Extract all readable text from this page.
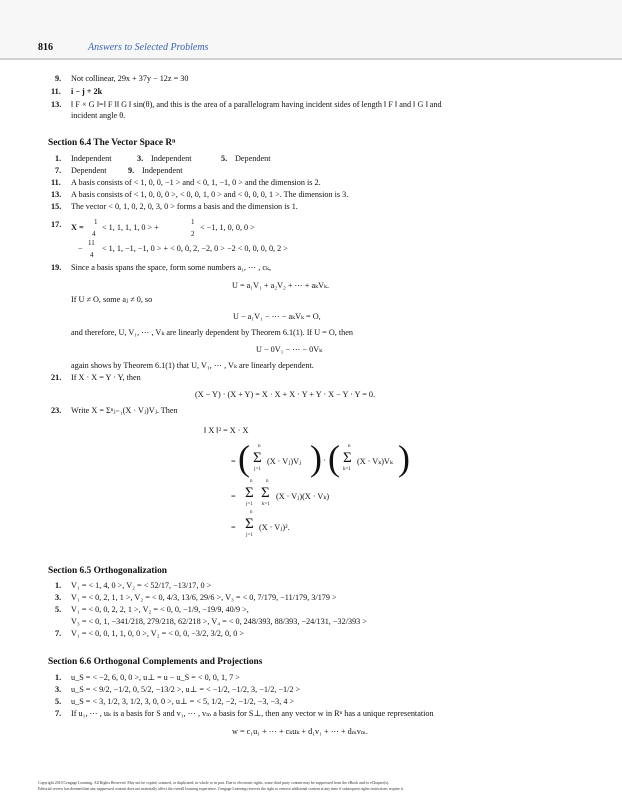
816	Answers to Selected Problems
9. Not collinear, 29x + 37y − 12z = 30
11. i − j + 2k
13. ‖ F × G ‖=‖ F ‖‖ G ‖ sin(θ), and this is the area of a parallelogram having incident sides of length ‖ F ‖ and ‖ G ‖ and
incident angle θ.
Section 6.4 The Vector Space Rⁿ
1. Independent	3. Independent	5. Dependent
7. Dependent	9. Independent
11. A basis consists of < 1, 0, 0, −1 > and < 0, 1, −1, 0 > and the dimension is 2.
13. A basis consists of < 1, 0, 0, 0 >, < 0, 0, 1, 0 > and < 0, 0, 0, 1 >. The dimension is 3.
15. The vector < 0, 1, 0, 2, 0, 3, 0 > forms a basis and the dimension is 1.
17. X =
1
4
< 1, 1, 1, 1, 0 > +
1
2
< −1, 1, 0, 0, 0 >
11
4
− < 1, 1, −1, −1, 0 > + < 0, 0, 2, −2, 0 > −2 < 0, 0, 0, 0, 2 >
19. Since a basis spans the space, form some numbers a₁, ⋯ , cₖ,
U = a₁V₁ + a₂V₂ + ⋯ + aₖVₖ.
If U ≠ O, some aⱼ ≠ 0, so
U − a₁V₁ − ⋯ − aₖVₖ = O,
and therefore, U, V₁, ⋯ , Vₖ are linearly dependent by Theorem 6.1(1). If U = O, then
U − 0V₁ − ⋯ − 0Vₖ
again shows by Theorem 6.1(1) that U, V₁, ⋯ , Vₖ are linearly dependent.
21. If X · X = Y · Y, then
(X − Y) · (X + Y) = X · X + X · Y + Y · X − Y · Y = 0.
23. Write X = Σⁿⱼ₌₁(X · Vⱼ)Vⱼ. Then
‖ X ‖² = X · X
= ( n
Σ
j=1
(X · Vⱼ)Vⱼ ) · ( n
Σ
k=1
(X · Vₖ)Vₖ )
=
n
Σ
j=1
n
Σ
k=1
(X · Vⱼ)(X · Vₖ)
=
n
Σ
j=1
(X · Vⱼ)².
Section 6.5 Orthogonalization
1. V₁ = < 1, 4, 0 >, V₂ = < 52/17, −13/17, 0 >
3. V₁ = < 0, 2, 1, 1 >, V₂ = < 0, 4/3, 13/6, 29/6 >, V₃ = < 0, 7/179, −11/179, 3/179 >
5. V₁ = < 0, 0, 2, 2, 1 >, V₂ = < 0, 0, −1/9, −19/9, 40/9 >,
V₃ = < 0, 1, −341/218, 279/218, 62/218 >, V₄ = < 0, 248/393, 88/393, −24/131, −32/393 >
7. V₁ = < 0, 0, 1, 1, 0, 0 >, V₂ = < 0, 0, −3/2, 3/2, 0, 0 >
Section 6.6 Orthogonal Complements and Projections
1. u_S = < −2, 6, 0, 0 >, u⊥ = u − u_S = < 0, 0, 1, 7 >
3. u_S = < 9/2, −1/2, 0, 5/2, −13/2 >, u⊥ = < −1/2, −1/2, 3, −1/2, −1/2 >
5. u_S = < 3, 1/2, 3, 1/2, 3, 0, 0 >, u⊥ = < 5, 1/2, −2, −1/2, −3, −3, 4 >
7. If u₁, ⋯ , uₖ is a basis for S and v₁, ⋯ , vₘ a basis for S⊥, then any vector w in Rⁿ has a unique representation
w = c₁u₁ + ⋯ + cₖuₖ + d₁v₁ + ⋯ + dₘvₘ.
Copyright 2010 Cengage Learning. All Rights Reserved. May not be copied, scanned, or duplicated, in whole or in part. Due to electronic rights, some third party content may be suppressed from the eBook and/or eChapter(s).
Editorial review has deemed that any suppressed content does not materially affect the overall learning experience. Cengage Learning reserves the right to remove additional content at any time if subsequent rights restrictions require it.
